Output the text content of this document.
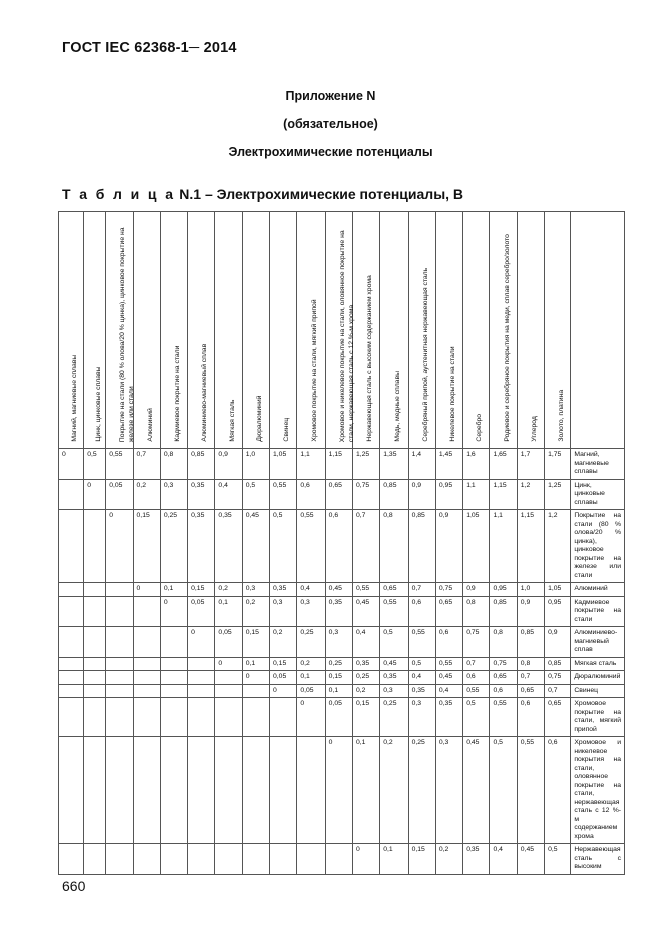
ГОСТ IEC 62368-1─ 2014
Приложение N
(обязательное)
Электрохимические потенциалы
Т а б л и ц а N.1 – Электрохимические потенциалы, В
Магний, магниевые сплавы	Цинк, цинковые сплавы	Покрытие на стали (80 % олова/20 % цинка), цинковое покрытие на железе или стали	Алюминий	Кадмиевое покрытие на стали	Алюминиево-магниевый сплав	Мягкая сталь	Дюралюминий	Свинец	Хромовое покрытие на стали, мягкий припой	Хромовое и никелевое покрытие на стали, оловянное покрытие на стали, нержавеющая сталь с 12 %-м хрома	Нержавеющая сталь с высоким содержанием хрома	Медь, медные сплавы	Серебряный припой, аустенитная нержавеющая сталь	Никелевое покрытие на стали	Серебро	Родиевое и серебряное покрытия на меди, сплав серебро/золото	Углерод	Золото, платина	

0	0,5	0,55	0,7	0,8	0,85	0,9	1,0	1,05	1,1	1,15	1,25	1,35	1,4	1,45	1,6	1,65	1,7	1,75	Магний, магниевые сплавы
	0	0,05	0,2	0,3	0,35	0,4	0,5	0,55	0,6	0,65	0,75	0,85	0,9	0,95	1,1	1,15	1,2	1,25	Цинк, цинковые сплавы
		0	0,15	0,25	0,35	0,35	0,45	0,5	0,55	0,6	0,7	0,8	0,85	0,9	1,05	1,1	1,15	1,2	Покрытие на стали (80 % олова/20 % цинка), цинковое покрытие на железе или стали
			0	0,1	0,15	0,2	0,3	0,35	0,4	0,45	0,55	0,65	0,7	0,75	0,9	0,95	1,0	1,05	Алюминий
				0	0,05	0,1	0,2	0,3	0,3	0,35	0,45	0,55	0,6	0,65	0,8	0,85	0,9	0,95	Кадмиевое покрытие на стали
					0	0,05	0,15	0,2	0,25	0,3	0,4	0,5	0,55	0,6	0,75	0,8	0,85	0,9	Алюминиево-магниевый сплав
						0	0,1	0,15	0,2	0,25	0,35	0,45	0,5	0,55	0,7	0,75	0,8	0,85	Мягкая сталь
							0	0,05	0,1	0,15	0,25	0,35	0,4	0,45	0,6	0,65	0,7	0,75	Дюралюминий
								0	0,05	0,1	0,2	0,3	0,35	0,4	0,55	0,6	0,65	0,7	Свинец
									0	0,05	0,15	0,25	0,3	0,35	0,5	0,55	0,6	0,65	Хромовое покрытие на стали, мягкий припой
										0	0,1	0,2	0,25	0,3	0,45	0,5	0,55	0,6	Хромовое и никелевое покрытия на стали, оловянное покрытие на стали, нержавеющая сталь с 12 %-м содержанием хрома
											0	0,1	0,15	0,2	0,35	0,4	0,45	0,5	Нержавеющая сталь с высоким
660
